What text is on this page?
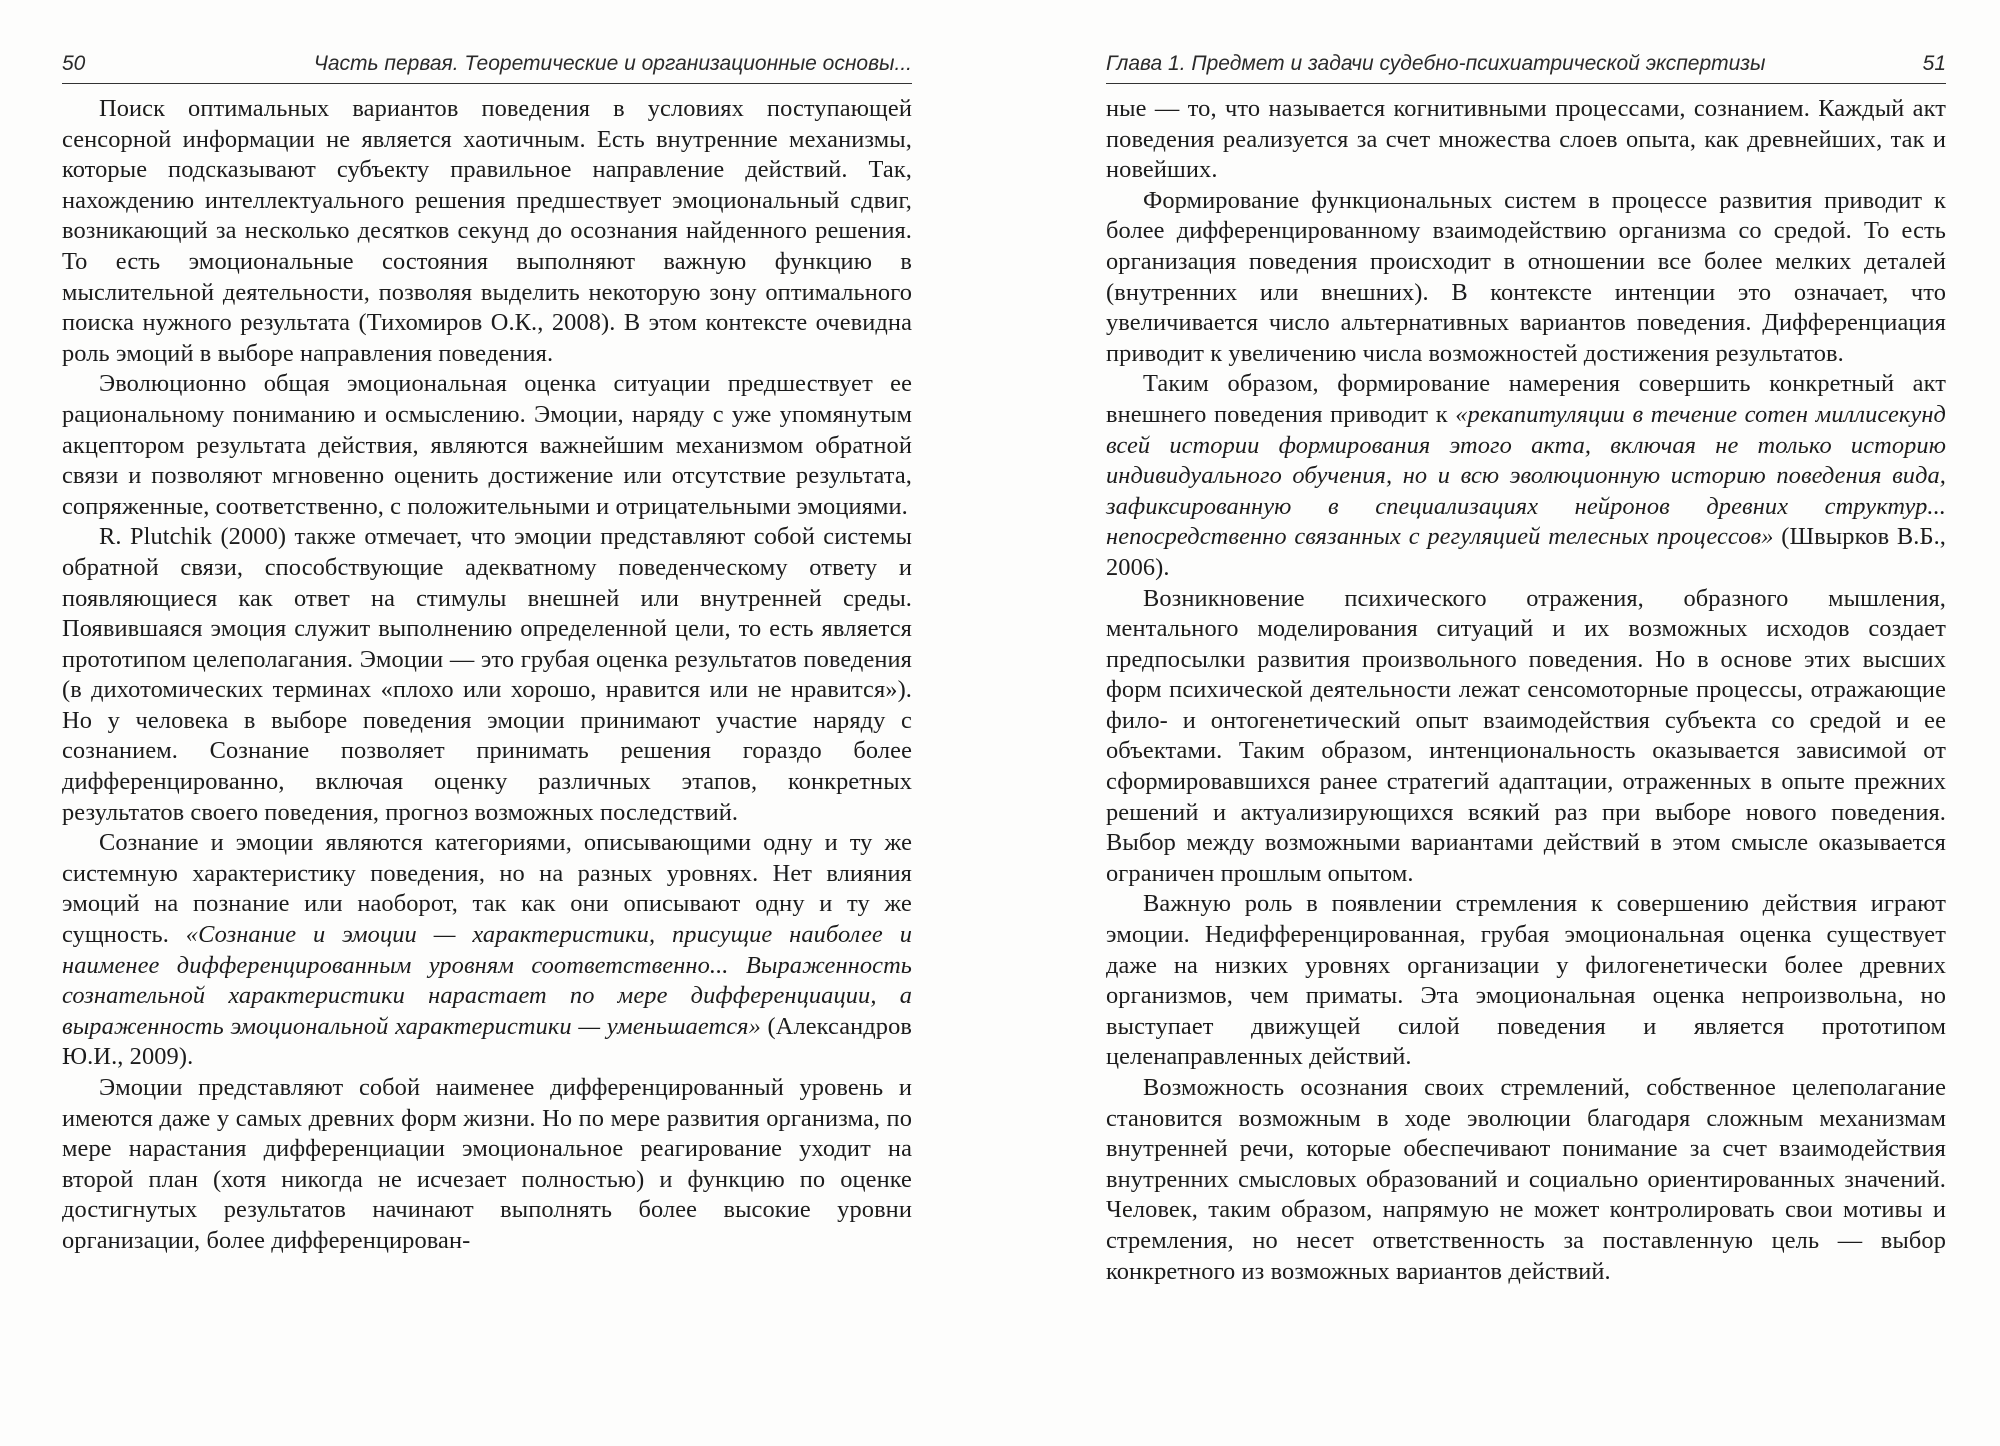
50	Часть первая. Теоретические и организационные основы...

Поиск оптимальных вариантов поведения в условиях поступающей сенсорной информации не является хаотичным. Есть внутренние механизмы, которые подсказывают субъекту правильное направление действий. Так, нахождению интеллектуального решения предшествует эмоциональный сдвиг, возникающий за несколько десятков секунд до осознания найденного решения. То есть эмоциональные состояния выполняют важную функцию в мыслительной деятельности, позволяя выделить некоторую зону оптимального поиска нужного результата (Тихомиров О.К., 2008). В этом контексте очевидна роль эмоций в выборе направления поведения.

Эволюционно общая эмоциональная оценка ситуации предшествует ее рациональному пониманию и осмыслению. Эмоции, наряду с уже упомянутым акцептором результата действия, являются важнейшим механизмом обратной связи и позволяют мгновенно оценить достижение или отсутствие результата, сопряженные, соответственно, с положительными и отрицательными эмоциями.

R. Plutchik (2000) также отмечает, что эмоции представляют собой системы обратной связи, способствующие адекватному поведенческому ответу и появляющиеся как ответ на стимулы внешней или внутренней среды. Появившаяся эмоция служит выполнению определенной цели, то есть является прототипом целеполагания. Эмоции — это грубая оценка результатов поведения (в дихотомических терминах «плохо или хорошо, нравится или не нравится»). Но у человека в выборе поведения эмоции принимают участие наряду с сознанием. Сознание позволяет принимать решения гораздо более дифференцированно, включая оценку различных этапов, конкретных результатов своего поведения, прогноз возможных последствий.

Сознание и эмоции являются категориями, описывающими одну и ту же системную характеристику поведения, но на разных уровнях. Нет влияния эмоций на познание или наоборот, так как они описывают одну и ту же сущность. «Сознание и эмоции — характеристики, присущие наиболее и наименее дифференцированным уровням соответственно... Выраженность сознательной характеристики нарастает по мере дифференциации, а выраженность эмоциональной характеристики — уменьшается» (Александров Ю.И., 2009).

Эмоции представляют собой наименее дифференцированный уровень и имеются даже у самых древних форм жизни. Но по мере развития организма, по мере нарастания дифференциации эмоциональное реагирование уходит на второй план (хотя никогда не исчезает полностью) и функцию по оценке достигнутых результатов начинают выполнять более высокие уровни организации, более дифференцирован-

Глава 1. Предмет и задачи судебно-психиатрической экспертизы	51

ные — то, что называется когнитивными процессами, сознанием. Каждый акт поведения реализуется за счет множества слоев опыта, как древнейших, так и новейших.

Формирование функциональных систем в процессе развития приводит к более дифференцированному взаимодействию организма со средой. То есть организация поведения происходит в отношении все более мелких деталей (внутренних или внешних). В контексте интенции это означает, что увеличивается число альтернативных вариантов поведения. Дифференциация приводит к увеличению числа возможностей достижения результатов.

Таким образом, формирование намерения совершить конкретный акт внешнего поведения приводит к «рекапитуляции в течение сотен миллисекунд всей истории формирования этого акта, включая не только историю индивидуального обучения, но и всю эволюционную историю поведения вида, зафиксированную в специализациях нейронов древних структур... непосредственно связанных с регуляцией телесных процессов» (Швырков В.Б., 2006).

Возникновение психического отражения, образного мышления, ментального моделирования ситуаций и их возможных исходов создает предпосылки развития произвольного поведения. Но в основе этих высших форм психической деятельности лежат сенсомоторные процессы, отражающие фило- и онтогенетический опыт взаимодействия субъекта со средой и ее объектами. Таким образом, интенциональность оказывается зависимой от сформировавшихся ранее стратегий адаптации, отраженных в опыте прежних решений и актуализирующихся всякий раз при выборе нового поведения. Выбор между возможными вариантами действий в этом смысле оказывается ограничен прошлым опытом.

Важную роль в появлении стремления к совершению действия играют эмоции. Недифференцированная, грубая эмоциональная оценка существует даже на низких уровнях организации у филогенетически более древних организмов, чем приматы. Эта эмоциональная оценка непроизвольна, но выступает движущей силой поведения и является прототипом целенаправленных действий.

Возможность осознания своих стремлений, собственное целеполагание становится возможным в ходе эволюции благодаря сложным механизмам внутренней речи, которые обеспечивают понимание за счет взаимодействия внутренних смысловых образований и социально ориентированных значений. Человек, таким образом, напрямую не может контролировать свои мотивы и стремления, но несет ответственность за поставленную цель — выбор конкретного из возможных вариантов действий.
